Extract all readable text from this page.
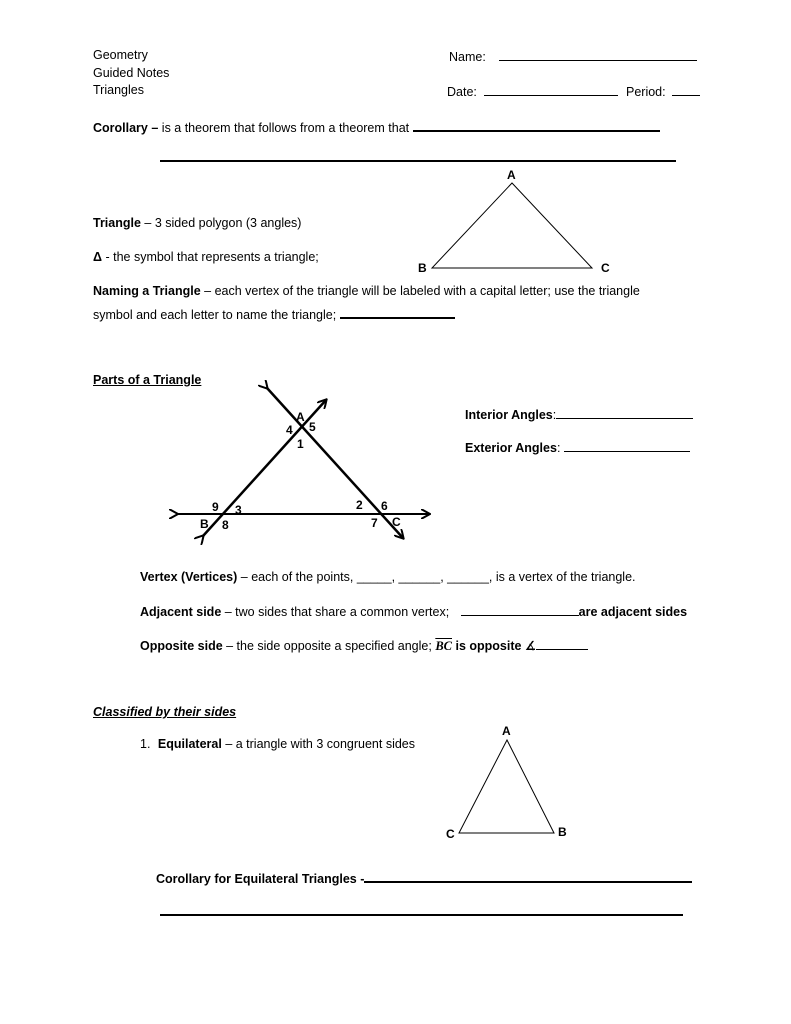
Geometry
Guided Notes
Triangles
Name:
Date:	Period:
Corollary – is a theorem that follows from a theorem that
Triangle – 3 sided polygon (3 angles)
Δ - the symbol that represents a triangle;
Naming a Triangle – each vertex of the triangle will be labeled with a capital letter; use the triangle
symbol and each letter to name the triangle;
A
B	C
Parts of a Triangle
Interior Angles:
Exterior Angles:
A
4 5
1
9 3
B 8
2 6
7 C
Vertex (Vertices) – each of the points, _____, ______, ______, is a vertex of the triangle.
Adjacent side – two sides that share a common vertex;	are adjacent sides
Opposite side – the side opposite a specified angle; $\overline{BC}$ is opposite ∡
Classified by their sides
1. Equilateral – a triangle with 3 congruent sides
A
C	B
Corollary for Equilateral Triangles -
